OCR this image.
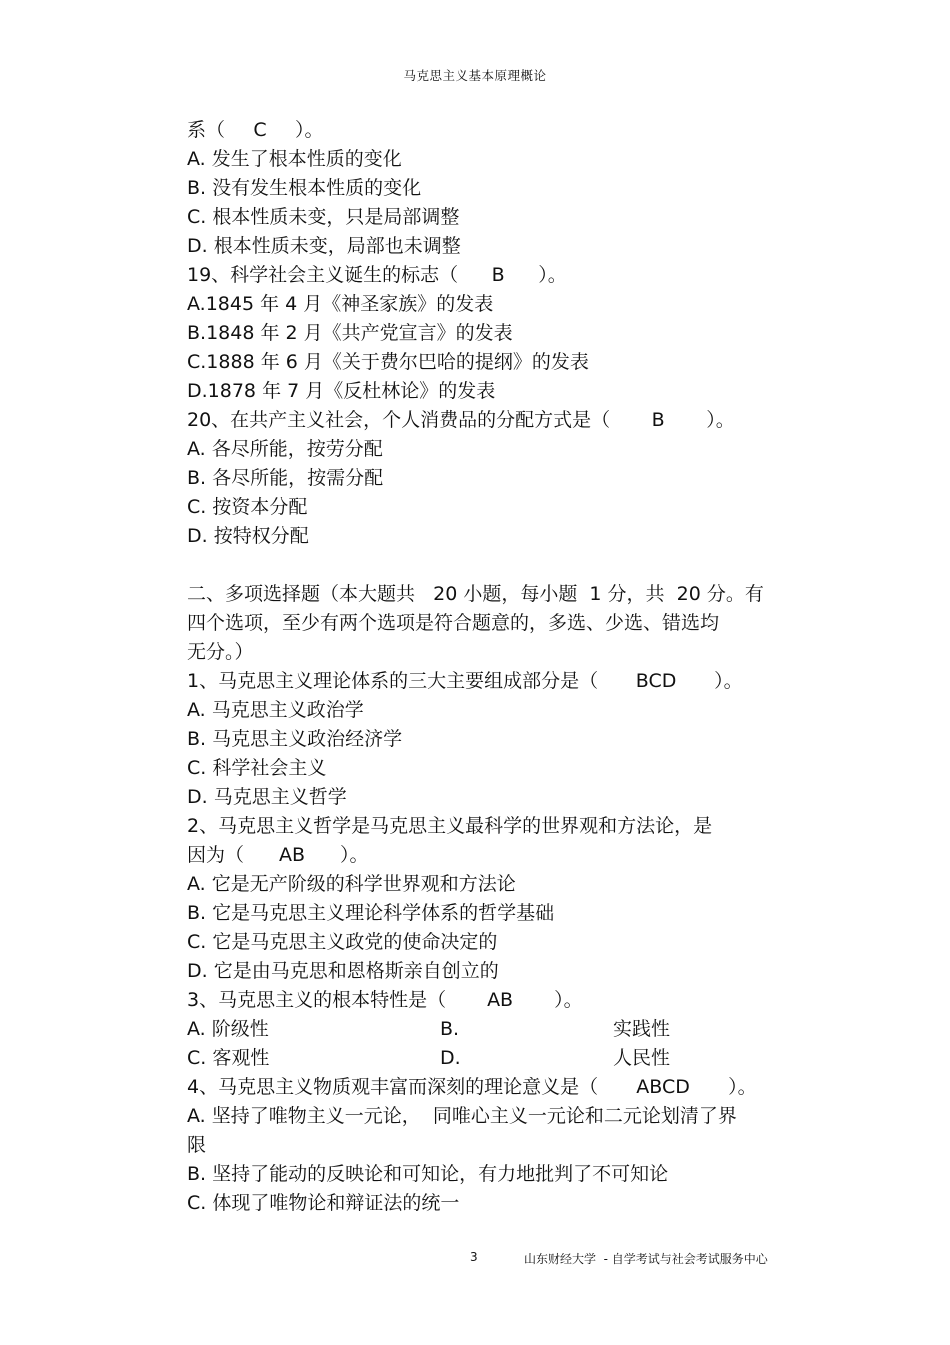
马克思主义基本原理概论
系（ C ）。
A. 发生了根本性质的变化
B. 没有发生根本性质的变化
C. 根本性质未变，只是局部调整
D. 根本性质未变，局部也未调整
19、科学社会主义诞生的标志（ B ）。
A.1845 年 4 月《神圣家族》的发表
B.1848 年 2 月《共产党宣言》的发表
C.1888 年 6 月《关于费尔巴哈的提纲》的发表
D.1878 年 7 月《反杜林论》的发表
20、在共产主义社会，个人消费品的分配方式是（ B ）。
A. 各尽所能，按劳分配
B. 各尽所能，按需分配
C. 按资本分配
D. 按特权分配
二、多项选择题（本大题共   20 小题，每小题  1 分，共  20 分。有
四个选项，至少有两个选项是符合题意的，多选、少选、错选均
无分。）
1、马克思主义理论体系的三大主要组成部分是（ BCD ）。
A. 马克思主义政治学
B. 马克思主义政治经济学
C. 科学社会主义
D. 马克思主义哲学
2、马克思主义哲学是马克思主义最科学的世界观和方法论，是
因为（ AB ）。
A. 它是无产阶级的科学世界观和方法论
B. 它是马克思主义理论科学体系的哲学基础
C. 它是马克思主义政党的使命决定的
D. 它是由马克思和恩格斯亲自创立的
3、马克思主义的根本特性是（ AB ）。
A. 阶级性	B.	实践性
C. 客观性	D.	人民性
4、马克思主义物质观丰富而深刻的理论意义是（ ABCD ）。
A. 坚持了唯物主义一元论，  同唯心主义一元论和二元论划清了界
限
B. 坚持了能动的反映论和可知论，有力地批判了不可知论
C. 体现了唯物论和辩证法的统一
3	山东财经大学  - 自学考试与社会考试服务中心
